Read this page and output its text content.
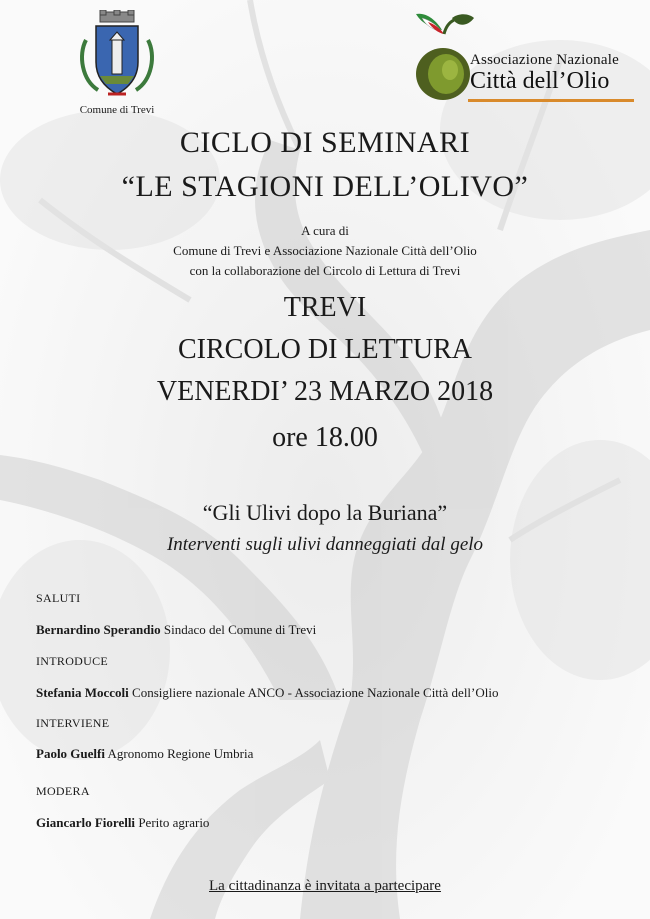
Comune di Trevi
Associazione Nazionale
Città dell’Olio
CICLO DI SEMINARI
“LE STAGIONI DELL’OLIVO”
A cura di
Comune di Trevi e Associazione Nazionale Città dell’Olio
con la collaborazione del Circolo di Lettura di Trevi
TREVI
CIRCOLO DI LETTURA
VENERDI’ 23 MARZO 2018
ore 18.00
“Gli Ulivi dopo la Buriana”
Interventi sugli ulivi danneggiati dal gelo
SALUTI
Bernardino Sperandio Sindaco del Comune di Trevi
INTRODUCE
Stefania Moccoli Consigliere nazionale ANCO - Associazione Nazionale Città dell’Olio
INTERVIENE
Paolo Guelfi Agronomo Regione Umbria
MODERA
Giancarlo Fiorelli Perito agrario
La cittadinanza è invitata a partecipare
